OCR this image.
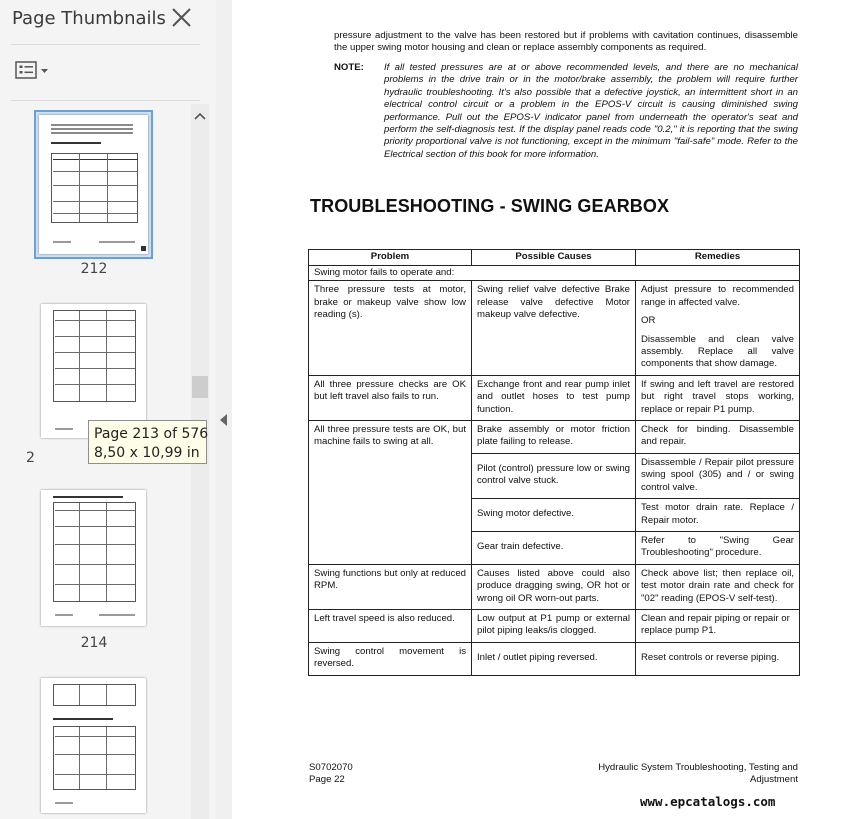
Page Thumbnails
212
2
214
Page 213 of 576
8,50 x 10,99 in
pressure adjustment to the valve has been restored but if problems with cavitation continues, disassemble the upper swing motor housing and clean or replace assembly components as required.
NOTE: If all tested pressures are at or above recommended levels, and there are no mechanical problems in the drive train or in the motor/brake assembly, the problem will require further hydraulic troubleshooting. It's also possible that a defective joystick, an intermittent short in an electrical control circuit or a problem in the EPOS-V circuit is causing diminished swing performance. Pull out the EPOS-V indicator panel from underneath the operator's seat and perform the self-diagnosis test. If the display panel reads code "0.2," it is reporting that the swing priority proportional valve is not functioning, except in the minimum "fail-safe" mode. Refer to the Electrical section of this book for more information.
TROUBLESHOOTING - SWING GEARBOX
Problem	Possible Causes	Remedies
Swing motor fails to operate and:		
Three pressure tests at motor, brake or makeup valve show low reading (s).	Swing relief valve defective Brake release valve defective Motor makeup valve defective.	Adjust pressure to recommended range in affected valve.

OR

Disassemble and clean valve assembly. Replace all valve components that show damage.

All three pressure checks are OK but left travel also fails to run.	Exchange front and rear pump inlet and outlet hoses to test pump function.	If swing and left travel are restored but right travel stops working, replace or repair P1 pump.
All three pressure tests are OK, but machine fails to swing at all.	Brake assembly or motor friction plate failing to release.	Check for binding. Disassemble and repair.
	Pilot (control) pressure low or swing control valve stuck.	Disassemble / Repair pilot pressure swing spool (305) and / or swing control valve.
	Swing motor defective.	Test motor drain rate. Replace / Repair motor.
	Gear train defective.	Refer to "Swing Gear Troubleshooting" procedure.
Swing functions but only at reduced RPM.	Causes listed above could also produce dragging swing, OR hot or wrong oil OR worn-out parts.	Check above list; then replace oil, test motor drain rate and check for "02" reading (EPOS-V self-test).
Left travel speed is also reduced.	Low output at P1 pump or external pilot piping leaks/is clogged.	Clean and repair piping or repair or replace pump P1.
Swing control movement is reversed.	Inlet / outlet piping reversed.	Reset controls or reverse piping.
S0702070
Page 22
Hydraulic System Troubleshooting, Testing and
Adjustment
www.epcatalogs.com
